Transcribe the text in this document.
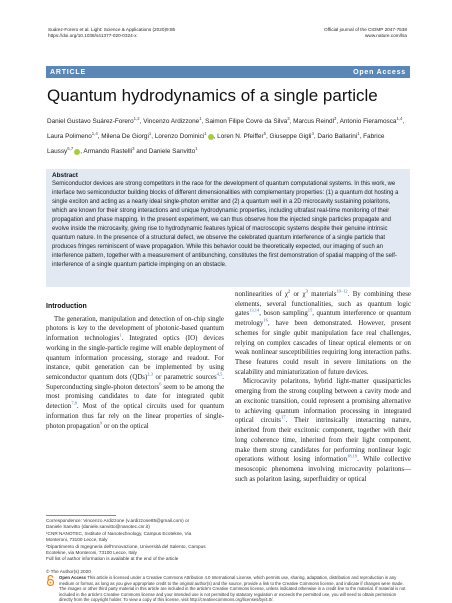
Suárez-Forero et al. Light: Science & Applications (2020)9:85
https://doi.org/10.1038/s41377-020-0324-x
Official journal of the CIOMP 2047-7538
www.nature.com/lsa
ARTICLE	Open Access
Quantum hydrodynamics of a single particle
Daniel Gustavo Suárez-Forero$^{1,2}$, Vincenzo Ardizzone$^1$, Saimon Filipe Covre da Silva$^3$, Marcus Reindl$^3$, Antonio Fieramosca$^{1,4}$, Laura Polimeno$^{1,4}$, Milena De Giorgi$^1$, Lorenzo Dominici$^1$ , Loren N. Pfeiffer$^5$, Giuseppe Gigli$^4$, Dario Ballarini$^1$, Fabrice Laussy$^{6,7}$ , Armando Rastelli$^3$ and Daniele Sanvitto$^1$
Abstract

Semiconductor devices are strong competitors in the race for the development of quantum computational systems. In this work, we interface two semiconductor building blocks of different dimensionalities with complementary properties: (1) a quantum dot hosting a single exciton and acting as a nearly ideal single-photon emitter and (2) a quantum well in a 2D microcavity sustaining polaritons, which are known for their strong interactions and unique hydrodynamic properties, including ultrafast real-time monitoring of their propagation and phase mapping. In the present experiment, we can thus observe how the injected single particles propagate and evolve inside the microcavity, giving rise to hydrodynamic features typical of macroscopic systems despite their genuine intrinsic quantum nature. In the presence of a structural defect, we observe the celebrated quantum interference of a single particle that produces fringes reminiscent of wave propagation. While this behavior could be theoretically expected, our imaging of such an interference pattern, together with a measurement of antibunching, constitutes the first demonstration of spatial mapping of the self-interference of a single quantum particle impinging on an obstacle.

Introduction

The generation, manipulation and detection of on-chip single photons is key to the development of photonic-based quantum information technologies$^1$. Integrated optics (IO) devices working in the single-particle regime will enable deployment of quantum information processing, storage and readout. For instance, qubit generation can be implemented by using semiconductor quantum dots (QDs)$^{2,3}$ or parametric sources$^{4,5}$. Superconducting single-photon detectors$^6$ seem to be among the most promising candidates to date for integrated qubit detection$^{7,8}$. Most of the optical circuits used for quantum information thus far rely on the linear properties of single-photon propagation$^9$ or on the optical

nonlinearities of $\chi^2$ or $\chi^3$ materials$^{10-12}$. By combining these elements, several functionalities, such as quantum logic gates$^{13,14}$, boson sampling$^{15}$, quantum interference or quantum metrology$^{16}$, have been demonstrated. However, present schemes for single qubit manipulation face real challenges, relying on complex cascades of linear optical elements or on weak nonlinear susceptibilities requiring long interaction paths. These features could result in severe limitations on the scalability and miniaturization of future devices.

Microcavity polaritons, hybrid light-matter quasiparticles emerging from the strong coupling between a cavity mode and an excitonic transition, could represent a promising alternative to achieving quantum information processing in integrated optical circuits$^{17}$. Their intrinsically interacting nature, inherited from their excitonic component, together with their long coherence time, inherited from their light component, make them strong candidates for performing nonlinear logic operations without losing information$^{18,19}$. While collective mesoscopic phenomena involving microcavity polaritons—such as polariton lasing, superfluidity or optical

Correspondence: Vincenzo Ardizzone (v.ardizzone85@gmail.com) or
Daniele Sanvitto (daniele.sanvitto@nanotec.cnr.it)
¹CNR NANOTEC, Institute of Nanotechnology, Campus Ecotekne, Via
Monteroni, 73100 Lecce, Italy
²Dipartimento di Ingegneria dell'Innovazione, Università del Salento, Campus
Ecotekne, via Monteroni, 73100 Lecce, Italy
Full list of author information is available at the end of the article
© The Author(s) 2020
Open Access This article is licensed under a Creative Commons Attribution 4.0 International License, which permits use, sharing, adaptation, distribution and reproduction in any medium or format, as long as you give appropriate credit to the original author(s) and the source, provide a link to the Creative Commons license, and indicate if changes were made. The images or other third party material in this article are included in the article's Creative Commons license, unless indicated otherwise in a credit line to the material. If material is not included in the article's Creative Commons license and your intended use is not permitted by statutory regulation or exceeds the permitted use, you will need to obtain permission directly from the copyright holder. To view a copy of this license, visit http://creativecommons.org/licenses/by/4.0/.
